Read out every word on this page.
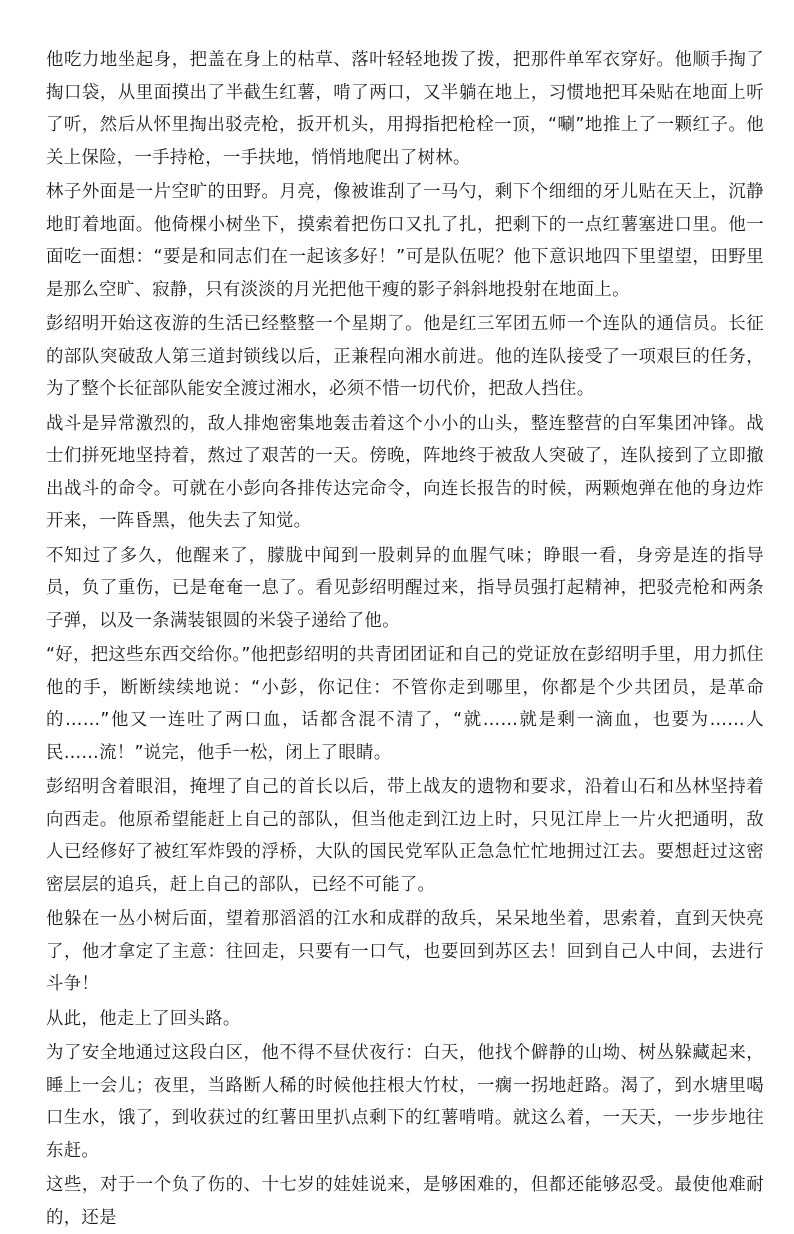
他吃力地坐起身，把盖在身上的枯草、落叶轻轻地拨了拨，把那件单军衣穿好。他顺手掏了掏口袋，从里面摸出了半截生红薯，啃了两口，又半躺在地上，习惯地把耳朵贴在地面上听了听，然后从怀里掏出驳壳枪，扳开机头，用拇指把枪栓一顶，“唰”地推上了一颗红子。他关上保险，一手持枪，一手扶地，悄悄地爬出了树林。

林子外面是一片空旷的田野。月亮，像被谁刮了一马勺，剩下个细细的牙儿贴在天上，沉静地盯着地面。他倚棵小树坐下，摸索着把伤口又扎了扎，把剩下的一点红薯塞进口里。他一面吃一面想：“要是和同志们在一起该多好！”可是队伍呢？他下意识地四下里望望，田野里是那么空旷、寂静，只有淡淡的月光把他干瘦的影子斜斜地投射在地面上。

彭绍明开始这夜游的生活已经整整一个星期了。他是红三军团五师一个连队的通信员。长征的部队突破敌人第三道封锁线以后，正兼程向湘水前进。他的连队接受了一项艰巨的任务，为了整个长征部队能安全渡过湘水，必须不惜一切代价，把敌人挡住。

战斗是异常激烈的，敌人排炮密集地轰击着这个小小的山头，整连整营的白军集团冲锋。战士们拼死地坚持着，熬过了艰苦的一天。傍晚，阵地终于被敌人突破了，连队接到了立即撤出战斗的命令。可就在小彭向各排传达完命令，向连长报告的时候，两颗炮弹在他的身边炸开来，一阵昏黑，他失去了知觉。

不知过了多久，他醒来了，朦胧中闻到一股刺异的血腥气味；睁眼一看，身旁是连的指导员，负了重伤，已是奄奄一息了。看见彭绍明醒过来，指导员强打起精神，把驳壳枪和两条子弹，以及一条满装银圆的米袋子递给了他。

“好，把这些东西交给你。”他把彭绍明的共青团团证和自己的党证放在彭绍明手里，用力抓住他的手，断断续续地说：“小彭，你记住：不管你走到哪里，你都是个少共团员，是革命的……”他又一连吐了两口血，话都含混不清了，“就……就是剩一滴血，也要为……人民……流！”说完，他手一松，闭上了眼睛。

彭绍明含着眼泪，掩埋了自己的首长以后，带上战友的遗物和要求，沿着山石和丛林坚持着向西走。他原希望能赶上自己的部队，但当他走到江边上时，只见江岸上一片火把通明，敌人已经修好了被红军炸毁的浮桥，大队的国民党军队正急急忙忙地拥过江去。要想赶过这密密层层的追兵，赶上自己的部队，已经不可能了。

他躲在一丛小树后面，望着那滔滔的江水和成群的敌兵，呆呆地坐着，思索着，直到天快亮了，他才拿定了主意：往回走，只要有一口气，也要回到苏区去！回到自己人中间，去进行斗争！

从此，他走上了回头路。

为了安全地通过这段白区，他不得不昼伏夜行：白天，他找个僻静的山坳、树丛躲藏起来，睡上一会儿；夜里，当路断人稀的时候他拄根大竹杖，一瘸一拐地赶路。渴了，到水塘里喝口生水，饿了，到收获过的红薯田里扒点剩下的红薯啃啃。就这么着，一天天，一步步地往东赶。

这些，对于一个负了伤的、十七岁的娃娃说来，是够困难的，但都还能够忍受。最使他难耐的，还是
